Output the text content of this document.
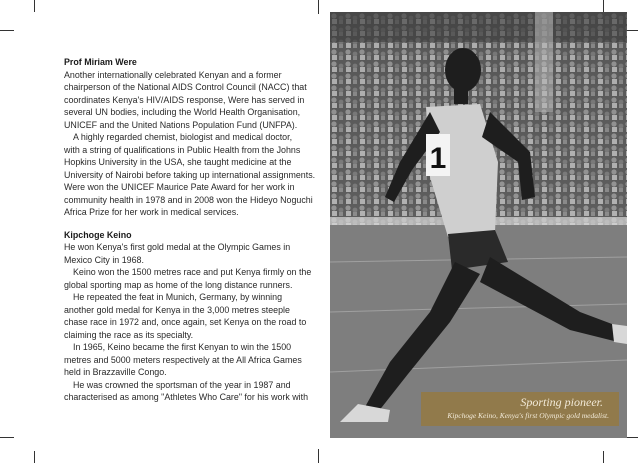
Prof Miriam Were
Another internationally celebrated Kenyan and a former
chairperson of the National AIDS Control Council (NACC) that
coordinates Kenya's HIV/AIDS response, Were has served in
several UN bodies, including the World Health Organisation,
UNICEF and the United Nations Population Fund (UNFPA).
A highly regarded chemist, biologist and medical doctor,
with a string of qualifications in Public Health from the Johns
Hopkins University in the USA, she taught medicine at the
University of Nairobi before taking up international assignments.
Were won the UNICEF Maurice Pate Award for her work in
community health in 1978 and in 2008 won the Hideyo Noguchi
Africa Prize for her work in medical services.
Kipchoge Keino
He won Kenya's first gold medal at the Olympic Games in
Mexico City in 1968.
Keino won the 1500 metres race and put Kenya firmly on the
global sporting map as home of the long distance runners.
He repeated the feat in Munich, Germany, by winning
another gold medal for Kenya in the 3,000 metres steeple
chase race in 1972 and, once again, set Kenya on the road to
claiming the race as its specialty.
In 1965, Keino became the first Kenyan to win the 1500
metres and 5000 meters respectively at the All Africa Games
held in Brazzaville Congo.
He was crowned the sportsman of the year in 1987 and
characterised as among "Athletes Who Care" for his work with
1
Sporting pioneer.
Kipchoge Keino, Kenya's first Olympic gold medalist.
